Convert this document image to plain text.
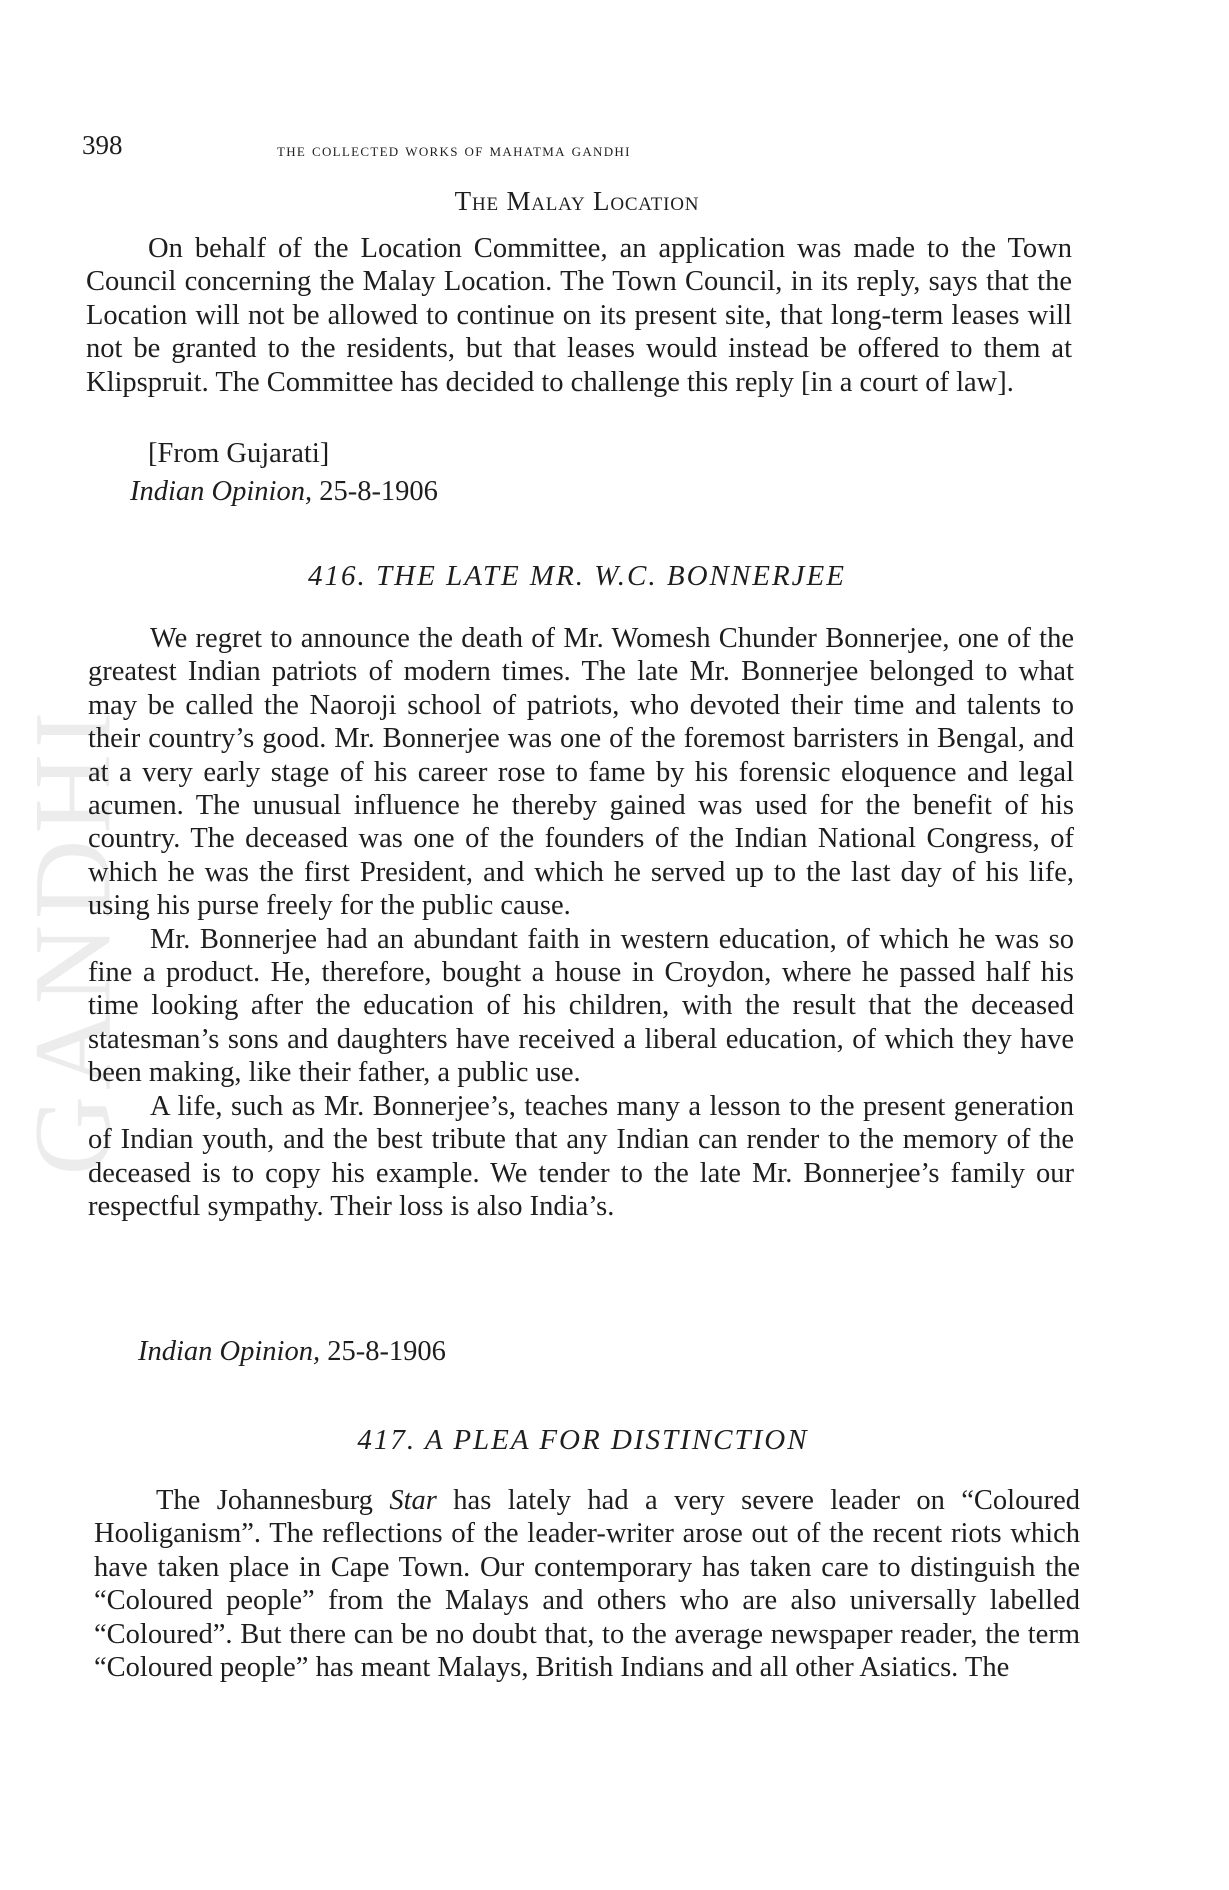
GANDHI
398	the collected works of mahatma gandhi
The Malay Location

On behalf of the Location Committee, an application was made to the Town Council concerning the Malay Location. The Town Council, in its reply, says that the Location will not be allowed to continue on its present site, that long-term leases will not be granted to the residents, but that leases would instead be offered to them at Klipspruit. The Committee has decided to challenge this reply [in a court of law].

[From Gujarati]
Indian Opinion, 25-8-1906
416. THE LATE MR. W.C. BONNERJEE

We regret to announce the death of Mr. Womesh Chunder Bonnerjee, one of the greatest Indian patriots of modern times. The late Mr. Bonnerjee belonged to what may be called the Naoroji school of patriots, who devoted their time and talents to their country’s good. Mr. Bonnerjee was one of the foremost barristers in Bengal, and at a very early stage of his career rose to fame by his forensic eloquence and legal acumen. The unusual influence he thereby gained was used for the benefit of his country. The deceased was one of the founders of the Indian National Congress, of which he was the first President, and which he served up to the last day of his life, using his purse freely for the public cause.

Mr. Bonnerjee had an abundant faith in western education, of which he was so fine a product. He, therefore, bought a house in Croydon, where he passed half his time looking after the education of his children, with the result that the deceased statesman’s sons and daughters have received a liberal education, of which they have been making, like their father, a public use.

A life, such as Mr. Bonnerjee’s, teaches many a lesson to the present generation of Indian youth, and the best tribute that any Indian can render to the memory of the deceased is to copy his example. We tender to the late Mr. Bonnerjee’s family our respectful sympathy. Their loss is also India’s.

Indian Opinion, 25-8-1906
417. A PLEA FOR DISTINCTION

The Johannesburg Star has lately had a very severe leader on “Coloured Hooliganism”. The reflections of the leader-writer arose out of the recent riots which have taken place in Cape Town. Our contemporary has taken care to distinguish the “Coloured people” from the Malays and others who are also universally labelled “Coloured”. But there can be no doubt that, to the average newspaper reader, the term “Coloured people” has meant Malays, British Indians and all other Asiatics. The
